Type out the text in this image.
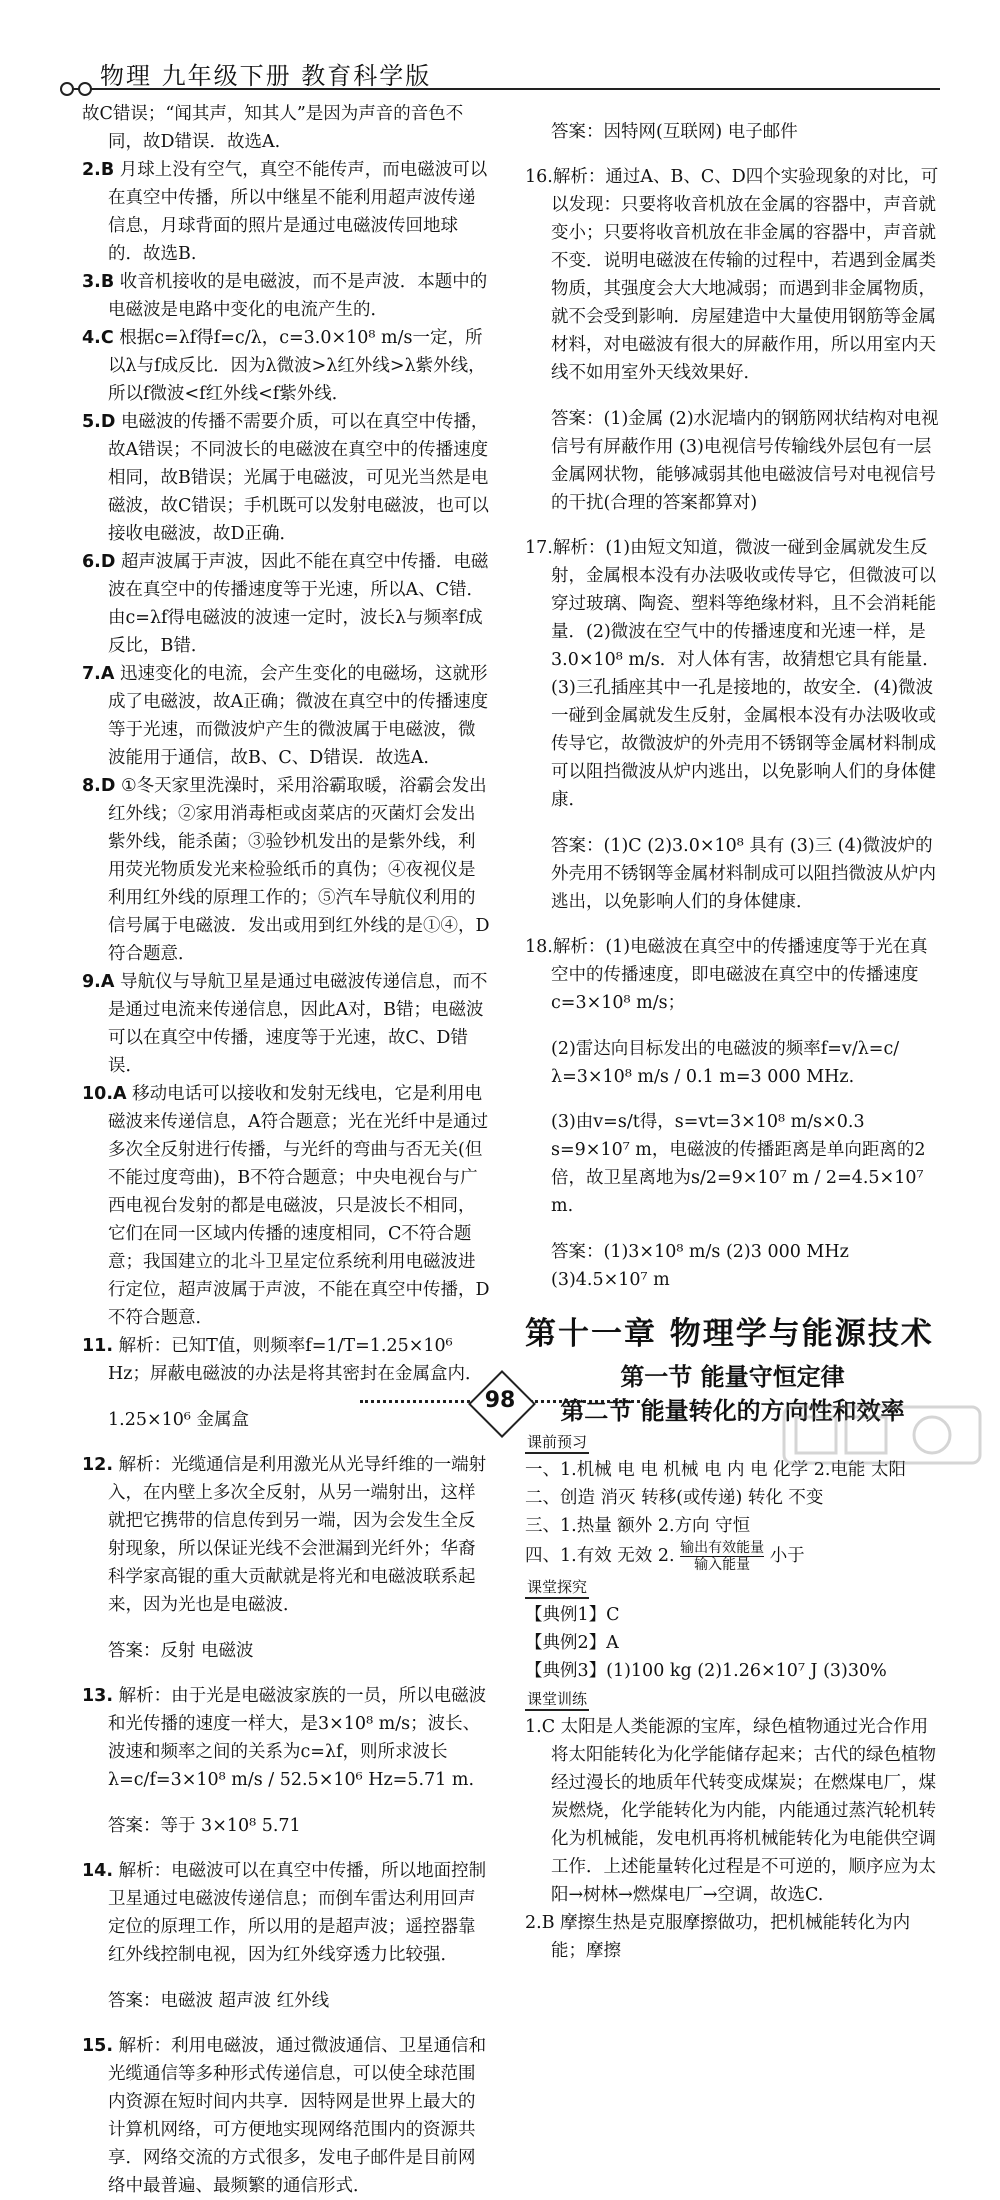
物理 九年级下册 教育科学版

故C错误；“闻其声，知其人”是因为声音的音色不同，故D错误．故选A.

2.B 月球上没有空气，真空不能传声，而电磁波可以在真空中传播，所以中继星不能利用超声波传递信息，月球背面的照片是通过电磁波传回地球的．故选B.

3.B 收音机接收的是电磁波，而不是声波．本题中的电磁波是电路中变化的电流产生的．

4.C 根据c=λf得f=c/λ，c=3.0×10⁸ m/s一定，所以λ与f成反比．因为λ微波>λ红外线>λ紫外线，所以f微波<f红外线<f紫外线．

5.D 电磁波的传播不需要介质，可以在真空中传播，故A错误；不同波长的电磁波在真空中的传播速度相同，故B错误；光属于电磁波，可见光当然是电磁波，故C错误；手机既可以发射电磁波，也可以接收电磁波，故D正确．

6.D 超声波属于声波，因此不能在真空中传播．电磁波在真空中的传播速度等于光速，所以A、C错．由c=λf得电磁波的波速一定时，波长λ与频率f成反比，B错．

7.A 迅速变化的电流，会产生变化的电磁场，这就形成了电磁波，故A正确；微波在真空中的传播速度等于光速，而微波炉产生的微波属于电磁波，微波能用于通信，故B、C、D错误．故选A.

8.D ①冬天家里洗澡时，采用浴霸取暖，浴霸会发出红外线；②家用消毒柜或卤菜店的灭菌灯会发出紫外线，能杀菌；③验钞机发出的是紫外线，利用荧光物质发光来检验纸币的真伪；④夜视仪是利用红外线的原理工作的；⑤汽车导航仪利用的信号属于电磁波．发出或用到红外线的是①④，D符合题意．

9.A 导航仪与导航卫星是通过电磁波传递信息，而不是通过电流来传递信息，因此A对，B错；电磁波可以在真空中传播，速度等于光速，故C、D错误．

10.A 移动电话可以接收和发射无线电，它是利用电磁波来传递信息，A符合题意；光在光纤中是通过多次全反射进行传播，与光纤的弯曲与否无关(但不能过度弯曲)，B不符合题意；中央电视台与广西电视台发射的都是电磁波，只是波长不相同，它们在同一区域内传播的速度相同，C不符合题意；我国建立的北斗卫星定位系统利用电磁波进行定位，超声波属于声波，不能在真空中传播，D不符合题意．

11. 解析：已知T值，则频率f=1/T=1.25×10⁶ Hz；屏蔽电磁波的办法是将其密封在金属盒内．

1.25×10⁶ 金属盒

12. 解析：光缆通信是利用激光从光导纤维的一端射入，在内壁上多次全反射，从另一端射出，这样就把它携带的信息传到另一端，因为会发生全反射现象，所以保证光线不会泄漏到光纤外；华裔科学家高锟的重大贡献就是将光和电磁波联系起来，因为光也是电磁波．

答案：反射 电磁波

13. 解析：由于光是电磁波家族的一员，所以电磁波和光传播的速度一样大，是3×10⁸ m/s；波长、波速和频率之间的关系为c=λf，则所求波长λ=c/f=3×10⁸ m/s / 52.5×10⁶ Hz=5.71 m.

答案：等于 3×10⁸ 5.71

14. 解析：电磁波可以在真空中传播，所以地面控制卫星通过电磁波传递信息；而倒车雷达利用回声定位的原理工作，所以用的是超声波；遥控器靠红外线控制电视，因为红外线穿透力比较强．

答案：电磁波 超声波 红外线

15. 解析：利用电磁波，通过微波通信、卫星通信和光缆通信等多种形式传递信息，可以使全球范围内资源在短时间内共享．因特网是世界上最大的计算机网络，可方便地实现网络范围内的资源共享．网络交流的方式很多，发电子邮件是目前网络中最普遍、最频繁的通信形式．

答案：因特网(互联网) 电子邮件

16.解析：通过A、B、C、D四个实验现象的对比，可以发现：只要将收音机放在金属的容器中，声音就变小；只要将收音机放在非金属的容器中，声音就不变．说明电磁波在传输的过程中，若遇到金属类物质，其强度会大大地减弱；而遇到非金属物质，就不会受到影响．房屋建造中大量使用钢筋等金属材料，对电磁波有很大的屏蔽作用，所以用室内天线不如用室外天线效果好．

答案：(1)金属 (2)水泥墙内的钢筋网状结构对电视信号有屏蔽作用 (3)电视信号传输线外层包有一层金属网状物，能够减弱其他电磁波信号对电视信号的干扰(合理的答案都算对)

17.解析：(1)由短文知道，微波一碰到金属就发生反射，金属根本没有办法吸收或传导它，但微波可以穿过玻璃、陶瓷、塑料等绝缘材料，且不会消耗能量．(2)微波在空气中的传播速度和光速一样，是3.0×10⁸ m/s．对人体有害，故猜想它具有能量．(3)三孔插座其中一孔是接地的，故安全．(4)微波一碰到金属就发生反射，金属根本没有办法吸收或传导它，故微波炉的外壳用不锈钢等金属材料制成可以阻挡微波从炉内逃出，以免影响人们的身体健康．

答案：(1)C (2)3.0×10⁸ 具有 (3)三 (4)微波炉的外壳用不锈钢等金属材料制成可以阻挡微波从炉内逃出，以免影响人们的身体健康．

18.解析：(1)电磁波在真空中的传播速度等于光在真空中的传播速度，即电磁波在真空中的传播速度c=3×10⁸ m/s；

(2)雷达向目标发出的电磁波的频率f=v/λ=c/λ=3×10⁸ m/s / 0.1 m=3 000 MHz.

(3)由v=s/t得，s=vt=3×10⁸ m/s×0.3 s=9×10⁷ m，电磁波的传播距离是单向距离的2倍，故卫星离地为s/2=9×10⁷ m / 2=4.5×10⁷ m.

答案：(1)3×10⁸ m/s (2)3 000 MHz (3)4.5×10⁷ m

第十一章 物理学与能源技术
第一节 能量守恒定律
第二节 能量转化的方向性和效率
课前预习

一、1.机械 电 电 机械 电 内 电 化学 2.电能 太阳

二、创造 消灭 转移(或传递) 转化 不变

三、1.热量 额外 2.方向 守恒

四、1.有效 无效 2. $\frac{\text{输出有效能量}}{\text{输入能量}}$ 小于

课堂探究

【典例1】C

【典例2】A

【典例3】(1)100 kg (2)1.26×10⁷ J (3)30%

课堂训练

1.C 太阳是人类能源的宝库，绿色植物通过光合作用将太阳能转化为化学能储存起来；古代的绿色植物经过漫长的地质年代转变成煤炭；在燃煤电厂，煤炭燃烧，化学能转化为内能，内能通过蒸汽轮机转化为机械能，发电机再将机械能转化为电能供空调工作．上述能量转化过程是不可逆的，顺序应为太阳→树林→燃煤电厂→空调，故选C.

2.B 摩擦生热是克服摩擦做功，把机械能转化为内能；摩擦

98
